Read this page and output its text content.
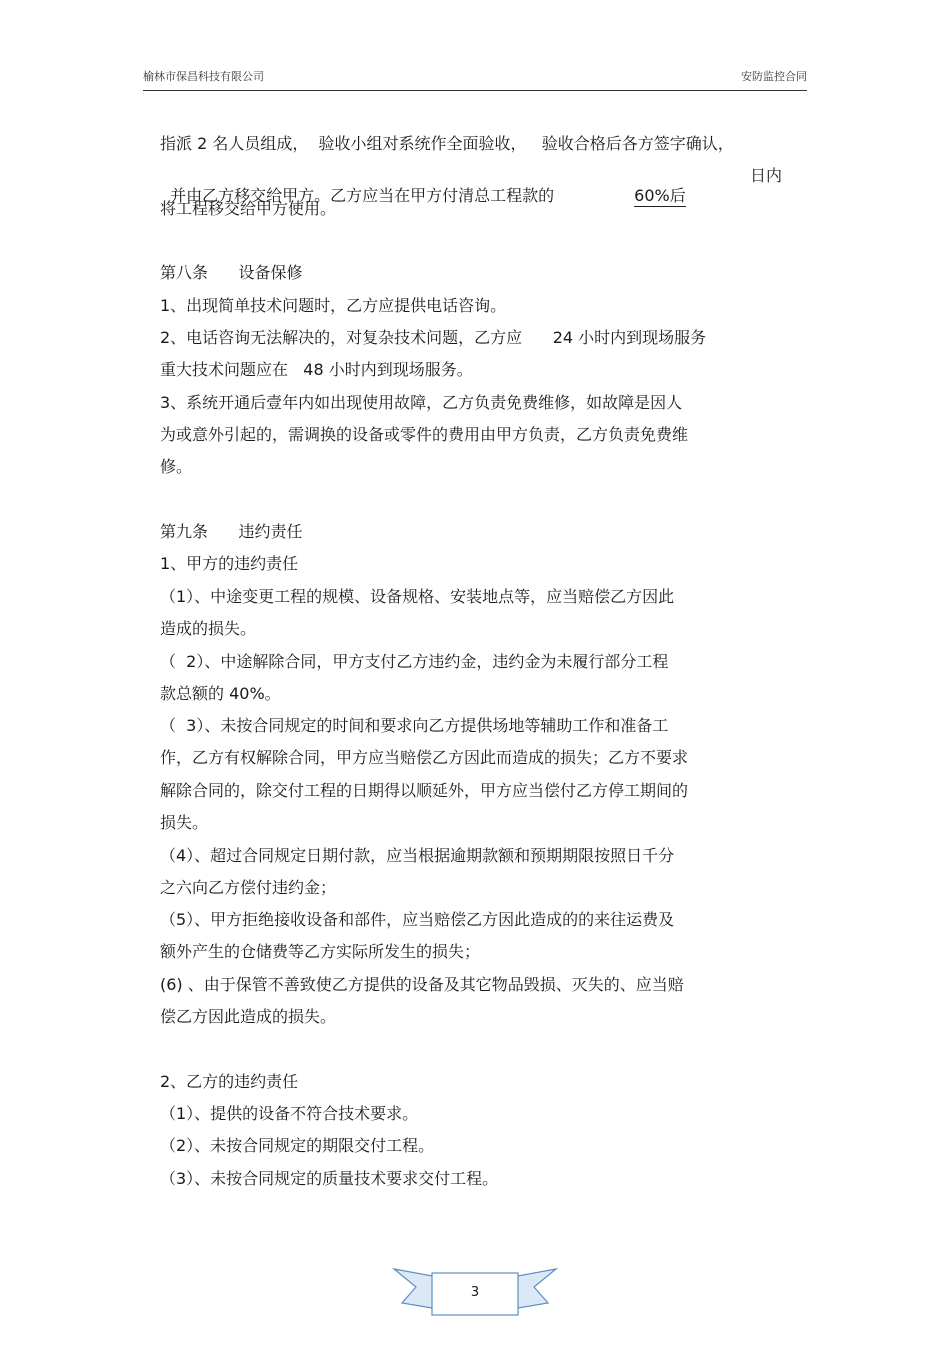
榆林市保昌科技有限公司	安防监控合同
指派 2 名人员组成，  验收小组对系统作全面验收，   验收合格后各方签字确认，

并由乙方移交给甲方。乙方应当在甲方付清总工程款的	60%后

日内
将工程移交给甲方使用。
第八条      设备保修
1、出现简单技术问题时，乙方应提供电话咨询。
2、电话咨询无法解决的，对复杂技术问题，乙方应      24 小时内到现场服务
重大技术问题应在   48 小时内到现场服务。
3、系统开通后壹年内如出现使用故障，乙方负责免费维修，如故障是因人
为或意外引起的，需调换的设备或零件的费用由甲方负责，乙方负责免费维
修。
第九条      违约责任
1、甲方的违约责任
（1）、中途变更工程的规模、设备规格、安装地点等，应当赔偿乙方因此
造成的损失。
（  2）、中途解除合同，甲方支付乙方违约金，违约金为未履行部分工程
款总额的 40%。
（  3）、未按合同规定的时间和要求向乙方提供场地等辅助工作和准备工
作，乙方有权解除合同，甲方应当赔偿乙方因此而造成的损失；乙方不要求
解除合同的，除交付工程的日期得以顺延外，甲方应当偿付乙方停工期间的
损失。
（4）、超过合同规定日期付款，应当根据逾期款额和预期期限按照日千分
之六向乙方偿付违约金；
（5）、甲方拒绝接收设备和部件，应当赔偿乙方因此造成的的来往运费及
额外产生的仓储费等乙方实际所发生的损失；
(6) 、由于保管不善致使乙方提供的设备及其它物品毁损、灭失的、应当赔
偿乙方因此造成的损失。
2、乙方的违约责任
（1）、提供的设备不符合技术要求。
（2）、未按合同规定的期限交付工程。
（3）、未按合同规定的质量技术要求交付工程。
3
